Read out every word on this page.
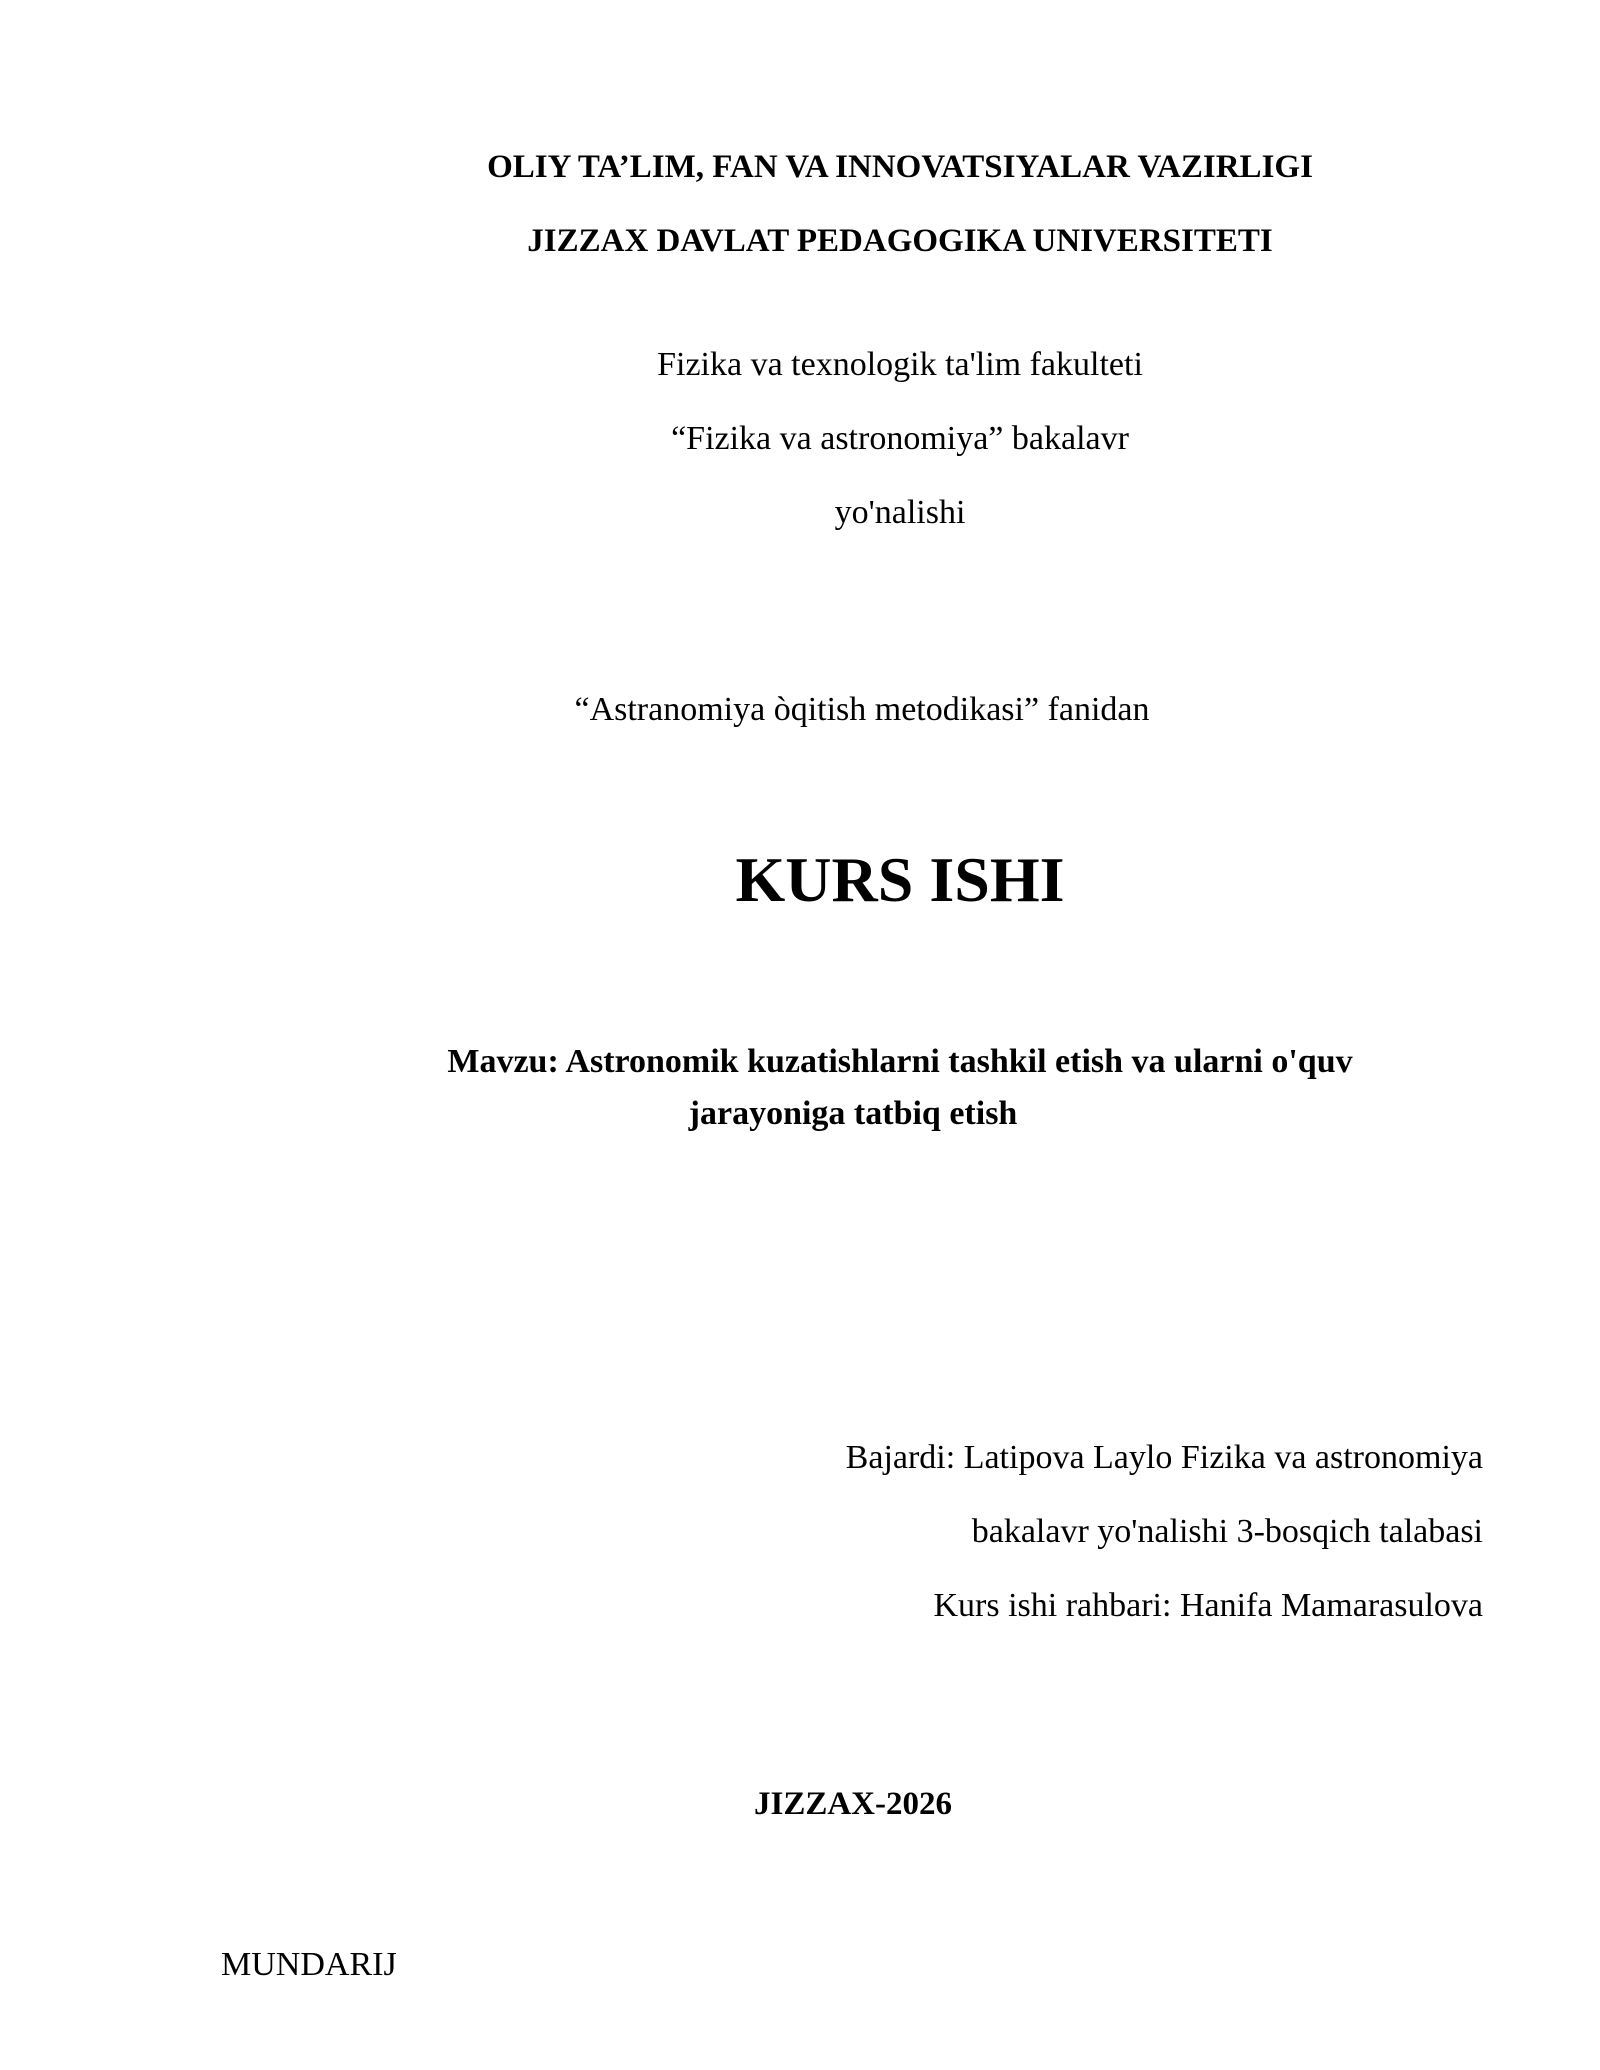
OLIY TA’LIM, FAN VA INNOVATSIYALAR VAZIRLIGI
JIZZAX DAVLAT PEDAGOGIKA UNIVERSITETI
Fizika va texnologik ta'lim fakulteti
“Fizika va astronomiya” bakalavr
yo'nalishi
“Astranomiya òqitish metodikasi” fanidan
KURS ISHI
Mavzu: Astronomik kuzatishlarni tashkil etish va ularni o'quv
jarayoniga tatbiq etish
Bajardi: Latipova Laylo Fizika va astronomiya
bakalavr yo'nalishi 3-bosqich talabasi
Kurs ishi rahbari: Hanifa Mamarasulova
JIZZAX-2026
MUNDARIJ
